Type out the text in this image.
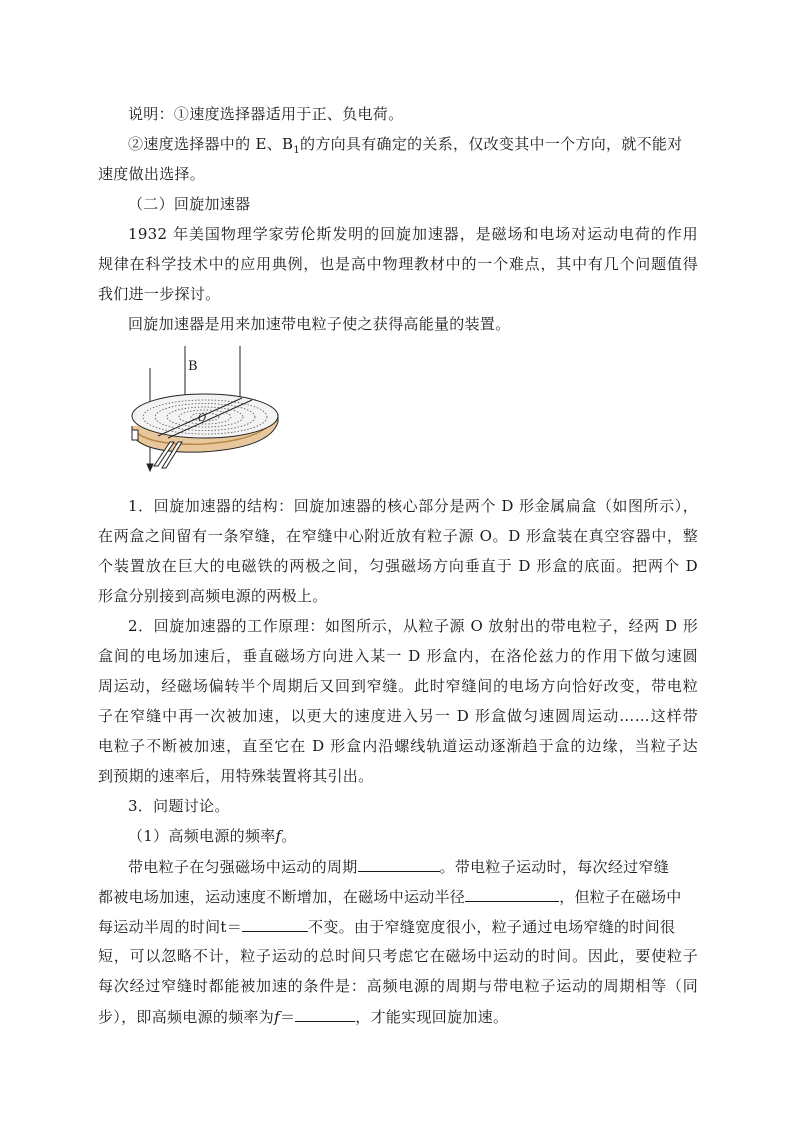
说明：①速度选择器适用于正、负电荷。
②速度选择器中的 E、$B_1$的方向具有确定的关系，仅改变其中一个方向，就不能对
速度做出选择。
（二）回旋加速器
1932 年美国物理学家劳伦斯发明的回旋加速器，是磁场和电场对运动电荷的作用
规律在科学技术中的应用典例，也是高中物理教材中的一个难点，其中有几个问题值得
我们进一步探讨。
回旋加速器是用来加速带电粒子使之获得高能量的装置。
B
O
1．回旋加速器的结构：回旋加速器的核心部分是两个 D 形金属扁盒（如图所示），
在两盒之间留有一条窄缝，在窄缝中心附近放有粒子源 O。D 形盒装在真空容器中，整
个装置放在巨大的电磁铁的两极之间，匀强磁场方向垂直于 D 形盒的底面。把两个 D
形盒分别接到高频电源的两极上。
2．回旋加速器的工作原理：如图所示，从粒子源 O 放射出的带电粒子，经两 D 形
盒间的电场加速后，垂直磁场方向进入某一 D 形盒内，在洛伦兹力的作用下做匀速圆
周运动，经磁场偏转半个周期后又回到窄缝。此时窄缝间的电场方向恰好改变，带电粒
子在窄缝中再一次被加速，以更大的速度进入另一 D 形盒做匀速圆周运动……这样带
电粒子不断被加速，直至它在 D 形盒内沿螺线轨道运动逐渐趋于盒的边缘，当粒子达
到预期的速率后，用特殊装置将其引出。
3．问题讨论。
（1）高频电源的频率f。
带电粒子在匀强磁场中运动的周期	。带电粒子运动时，每次经过窄缝
都被电场加速，运动速度不断增加，在磁场中运动半径	，但粒子在磁场中
每运动半周的时间t＝	不变。由于窄缝宽度很小，粒子通过电场窄缝的时间很
短，可以忽略不计，粒子运动的总时间只考虑它在磁场中运动的时间。因此，要使粒子
每次经过窄缝时都能被加速的条件是：高频电源的周期与带电粒子运动的周期相等（同
步），即高频电源的频率为f＝	，才能实现回旋加速。
